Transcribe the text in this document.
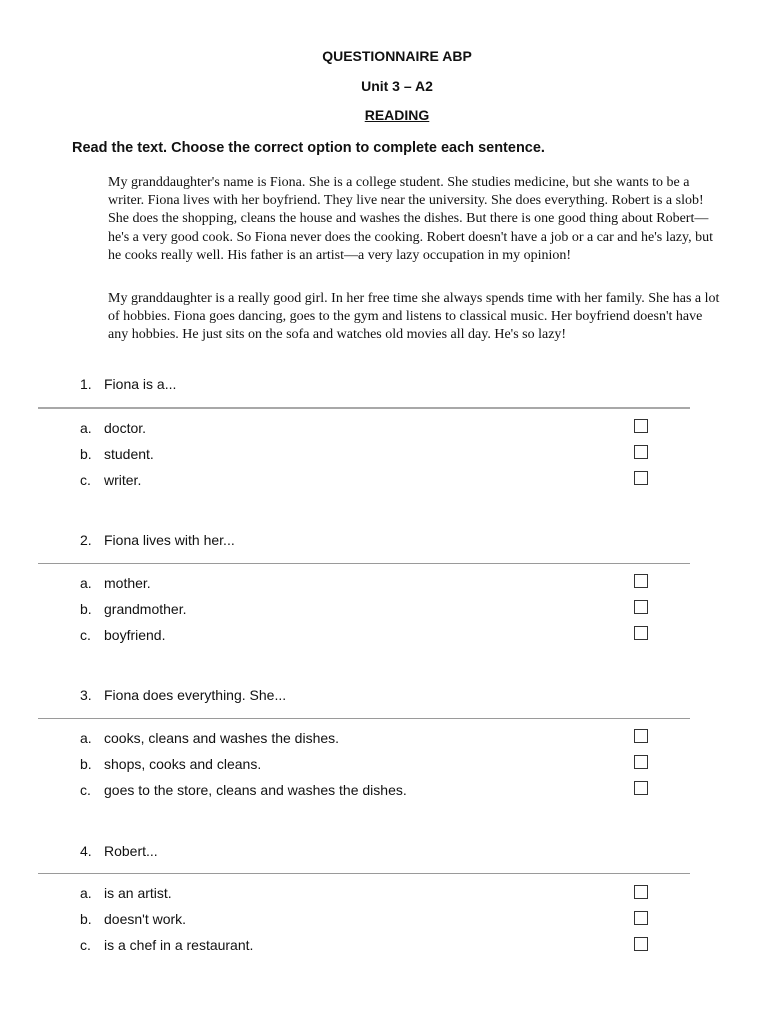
QUESTIONNAIRE ABP
Unit 3 – A2
READING
Read the text. Choose the correct option to complete each sentence.

My granddaughter's name is Fiona. She is a college student. She studies medicine, but she wants to be a writer. Fiona lives with her boyfriend. They live near the university. She does everything. Robert is a slob! She does the shopping, cleans the house and washes the dishes. But there is one good thing about Robert—he's a very good cook. So Fiona never does the cooking. Robert doesn't have a job or a car and he's lazy, but he cooks really well. His father is an artist—a very lazy occupation in my opinion!

My granddaughter is a really good girl. In her free time she always spends time with her family. She has a lot of hobbies. Fiona goes dancing, goes to the gym and listens to classical music. Her boyfriend doesn't have any hobbies. He just sits on the sofa and watches old movies all day. He's so lazy!

1. Fiona is a...
a. doctor.
b. student.
c. writer.
2. Fiona lives with her...
a. mother.
b. grandmother.
c. boyfriend.
3. Fiona does everything. She...
a. cooks, cleans and washes the dishes.
b. shops, cooks and cleans.
c. goes to the store, cleans and washes the dishes.
4. Robert...
a. is an artist.
b. doesn't work.
c. is a chef in a restaurant.
